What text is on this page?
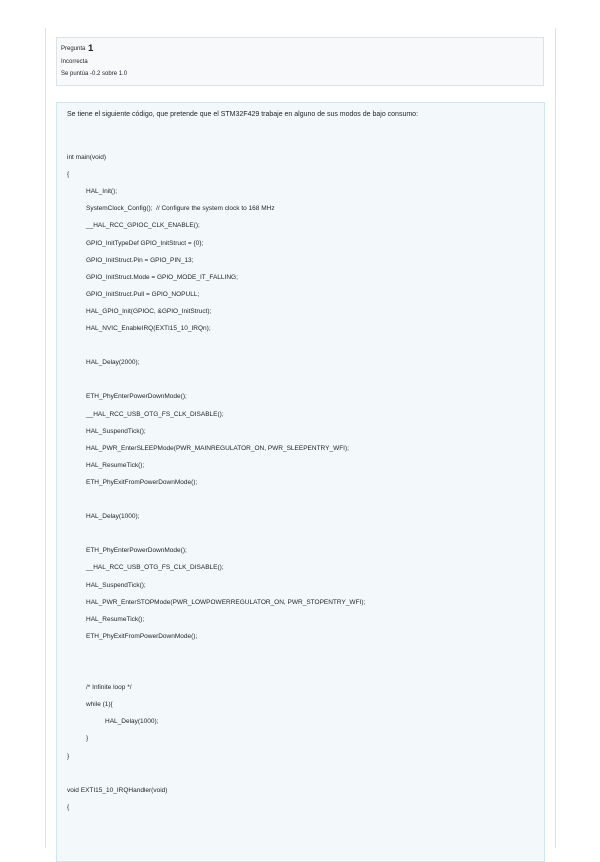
Pregunta 1
Incorrecta
Se puntúa -0.2 sobre 1.0
Se tiene el siguiente código, que pretende que el STM32F429 trabaje en alguno de sus modos de bajo consumo:
int main(void)
{
HAL_Init();
SystemClock_Config();  // Configure the system clock to 168 MHz
__HAL_RCC_GPIOC_CLK_ENABLE();
GPIO_InitTypeDef GPIO_InitStruct = {0};
GPIO_InitStruct.Pin = GPIO_PIN_13;
GPIO_InitStruct.Mode = GPIO_MODE_IT_FALLING;
GPIO_InitStruct.Pull = GPIO_NOPULL;
HAL_GPIO_Init(GPIOC, &GPIO_InitStruct);
HAL_NVIC_EnableIRQ(EXTI15_10_IRQn);
HAL_Delay(2000);
ETH_PhyEnterPowerDownMode();
__HAL_RCC_USB_OTG_FS_CLK_DISABLE();
HAL_SuspendTick();
HAL_PWR_EnterSLEEPMode(PWR_MAINREGULATOR_ON, PWR_SLEEPENTRY_WFI);
HAL_ResumeTick();
ETH_PhyExitFromPowerDownMode();
HAL_Delay(1000);
ETH_PhyEnterPowerDownMode();
__HAL_RCC_USB_OTG_FS_CLK_DISABLE();
HAL_SuspendTick();
HAL_PWR_EnterSTOPMode(PWR_LOWPOWERREGULATOR_ON, PWR_STOPENTRY_WFI);
HAL_ResumeTick();
ETH_PhyExitFromPowerDownMode();
/* Infinite loop */
while (1){
HAL_Delay(1000);
}
}
void EXTI15_10_IRQHandler(void)
{
